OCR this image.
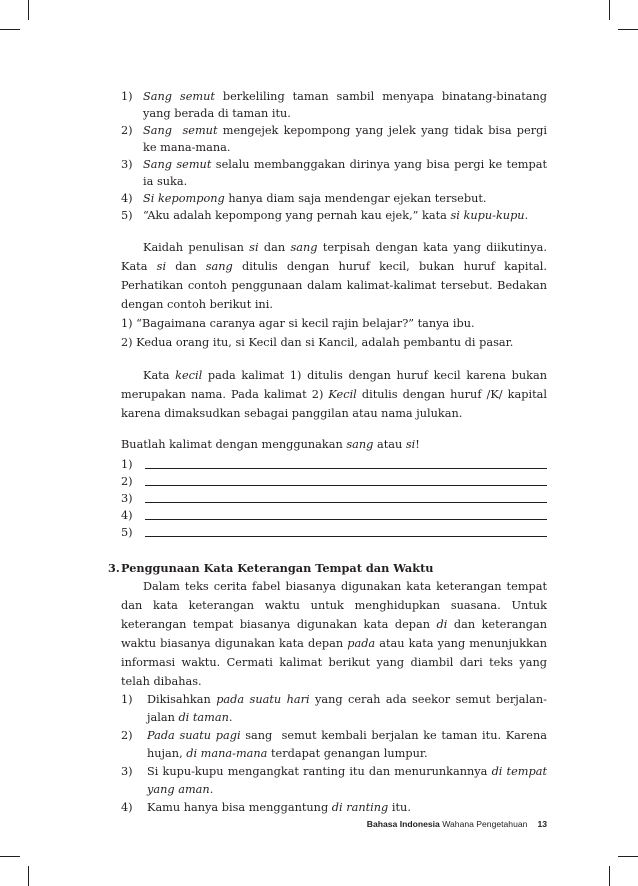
1) Sang semut berkeliling taman sambil menyapa binatang-binatang yang berada di taman itu.
2) Sang  semut mengejek kepompong yang jelek yang tidak bisa pergi ke mana-mana.
3) Sang semut selalu membanggakan dirinya yang bisa pergi ke tempat ia suka.
4) Si kepompong hanya diam saja mendengar ejekan tersebut.
5) “Aku adalah kepompong yang pernah kau ejek,” kata si kupu-kupu.

Kaidah penulisan si dan sang terpisah dengan kata yang diikutinya. Kata si dan sang ditulis dengan huruf kecil, bukan huruf kapital. Perhatikan contoh penggunaan dalam kalimat-kalimat tersebut. Bedakan dengan contoh berikut ini.

1) “Bagaimana caranya agar si kecil rajin belajar?” tanya ibu.

2) Kedua orang itu, si Kecil dan si Kancil, adalah pembantu di pasar.

Kata kecil pada kalimat 1) ditulis dengan huruf kecil karena bukan merupakan nama. Pada kalimat 2) Kecil ditulis dengan huruf /K/ kapital karena dimaksudkan sebagai panggilan atau nama julukan.

Buatlah kalimat dengan menggunakan sang atau si!

1)
2)
3)
4)
5)
3. Penggunaan Kata Keterangan Tempat dan Waktu

Dalam teks cerita fabel biasanya digunakan kata keterangan tempat dan kata keterangan waktu untuk menghidupkan suasana. Untuk keterangan tempat biasanya digunakan kata depan di dan keterangan waktu biasanya digunakan kata depan pada atau kata yang menunjukkan informasi waktu. Cermati kalimat berikut yang diambil dari teks yang telah dibahas.

1) Dikisahkan pada suatu hari yang cerah ada seekor semut berjalan-jalan di taman.
2) Pada suatu pagi sang  semut kembali berjalan ke taman itu. Karena hujan, di mana-mana terdapat genangan lumpur.
3) Si kupu-kupu mengangkat ranting itu dan menurunkannya di tempat yang aman.
4) Kamu hanya bisa menggantung di ranting itu.
Bahasa Indonesia Wahana Pengetahuan 13
